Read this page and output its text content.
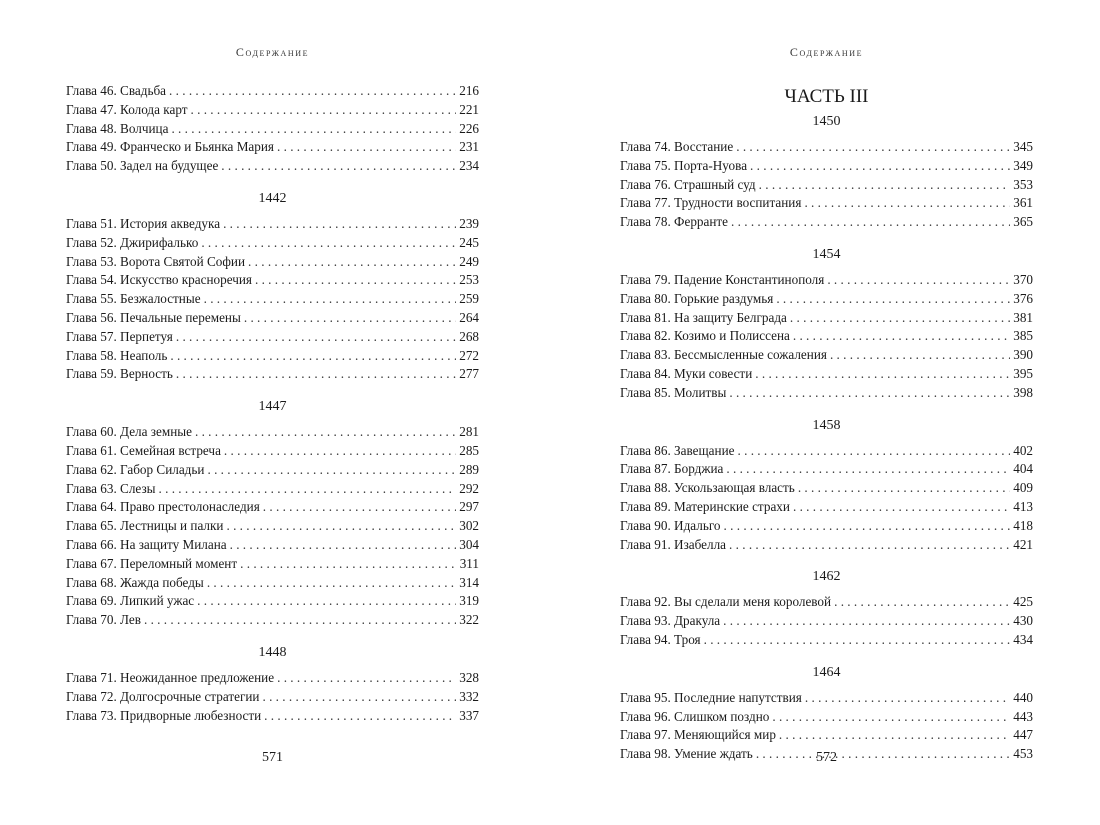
Содержание
Глава 46. Свадьба . . .	216
Глава 47. Колода карт . . .	221
Глава 48. Волчица . . .	226
Глава 49. Франческо и Бьянка Мария . . .	231
Глава 50. Задел на будущее . . .	234
1442
Глава 51. История акведука . . .	239
Глава 52. Джирифалько . . .	245
Глава 53. Ворота Святой Софии . . .	249
Глава 54. Искусство красноречия . . .	253
Глава 55. Безжалостные . . .	259
Глава 56. Печальные перемены . . .	264
Глава 57. Перпетуя . . .	268
Глава 58. Неаполь . . .	272
Глава 59. Верность . . .	277
1447
Глава 60. Дела земные . . .	281
Глава 61. Семейная встреча . . .	285
Глава 62. Габор Силадьи . . .	289
Глава 63. Слезы . . .	292
Глава 64. Право престолонаследия . . .	297
Глава 65. Лестницы и палки . . .	302
Глава 66. На защиту Милана . . .	304
Глава 67. Переломный момент . . .	311
Глава 68. Жажда победы . . .	314
Глава 69. Липкий ужас . . .	319
Глава 70. Лев . . .	322
1448
Глава 71. Неожиданное предложение . . .	328
Глава 72. Долгосрочные стратегии . . .	332
Глава 73. Придворные любезности . . .	337
571
Содержание
ЧАСТЬ III
1450
Глава 74. Восстание . . .	345
Глава 75. Порта-Нуова . . .	349
Глава 76. Страшный суд . . .	353
Глава 77. Трудности воспитания . . .	361
Глава 78. Ферранте . . .	365
1454
Глава 79. Падение Константинополя . . .	370
Глава 80. Горькие раздумья . . .	376
Глава 81. На защиту Белграда . . .	381
Глава 82. Козимо и Полиссена . . .	385
Глава 83. Бессмысленные сожаления . . .	390
Глава 84. Муки совести . . .	395
Глава 85. Молитвы . . .	398
1458
Глава 86. Завещание . . .	402
Глава 87. Борджиа . . .	404
Глава 88. Ускользающая власть . . .	409
Глава 89. Материнские страхи . . .	413
Глава 90. Идальго . . .	418
Глава 91. Изабелла . . .	421
1462
Глава 92. Вы сделали меня королевой . . .	425
Глава 93. Дракула . . .	430
Глава 94. Троя . . .	434
1464
Глава 95. Последние напутствия . . .	440
Глава 96. Слишком поздно . . .	443
Глава 97. Меняющийся мир . . .	447
Глава 98. Умение ждать . . .	453
572
